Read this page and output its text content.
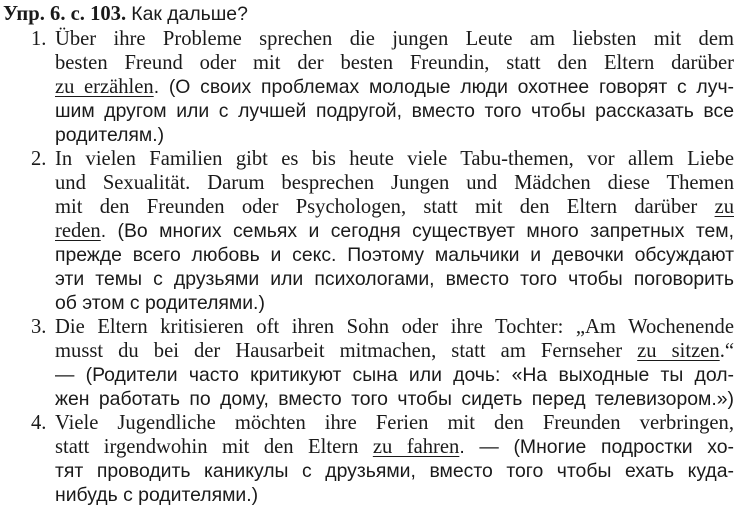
Упр. 6. с. 103. Как дальше?
1. Über ihre Probleme sprechen die jungen Leute am liebsten mit dem
besten Freund oder mit der besten Freundin, statt den Eltern darüber
zu erzählen. (О своих проблемах молодые люди охотнее говорят с луч-
шим другом или с лучшей подругой, вместо того чтобы рассказать все
родителям.)
2. In vielen Familien gibt es bis heute viele Tabu-themen, vor allem Liebe
und Sexualität. Darum besprechen Jungen und Mädchen diese Themen
mit den Freunden oder Psychologen, statt mit den Eltern darüber zu
reden. (Во многих семьях и сегодня существует много запретных тем,
прежде всего любовь и секс. Поэтому мальчики и девочки обсуждают
эти темы с друзьями или психологами, вместо того чтобы поговорить
об этом с родителями.)
3. Die Eltern kritisieren oft ihren Sohn oder ihre Tochter: „Am Wochenende
musst du bei der Hausarbeit mitmachen, statt am Fernseher zu sitzen.“
— (Родители часто критикуют сына или дочь: «На выходные ты дол-
жен работать по дому, вместо того чтобы сидеть перед телевизором.»)
4. Viele Jugendliche möchten ihre Ferien mit den Freunden verbringen,
statt irgendwohin mit den Eltern zu fahren. — (Многие подростки хо-
тят проводить каникулы с друзьями, вместо того чтобы ехать куда-
нибудь с родителями.)
